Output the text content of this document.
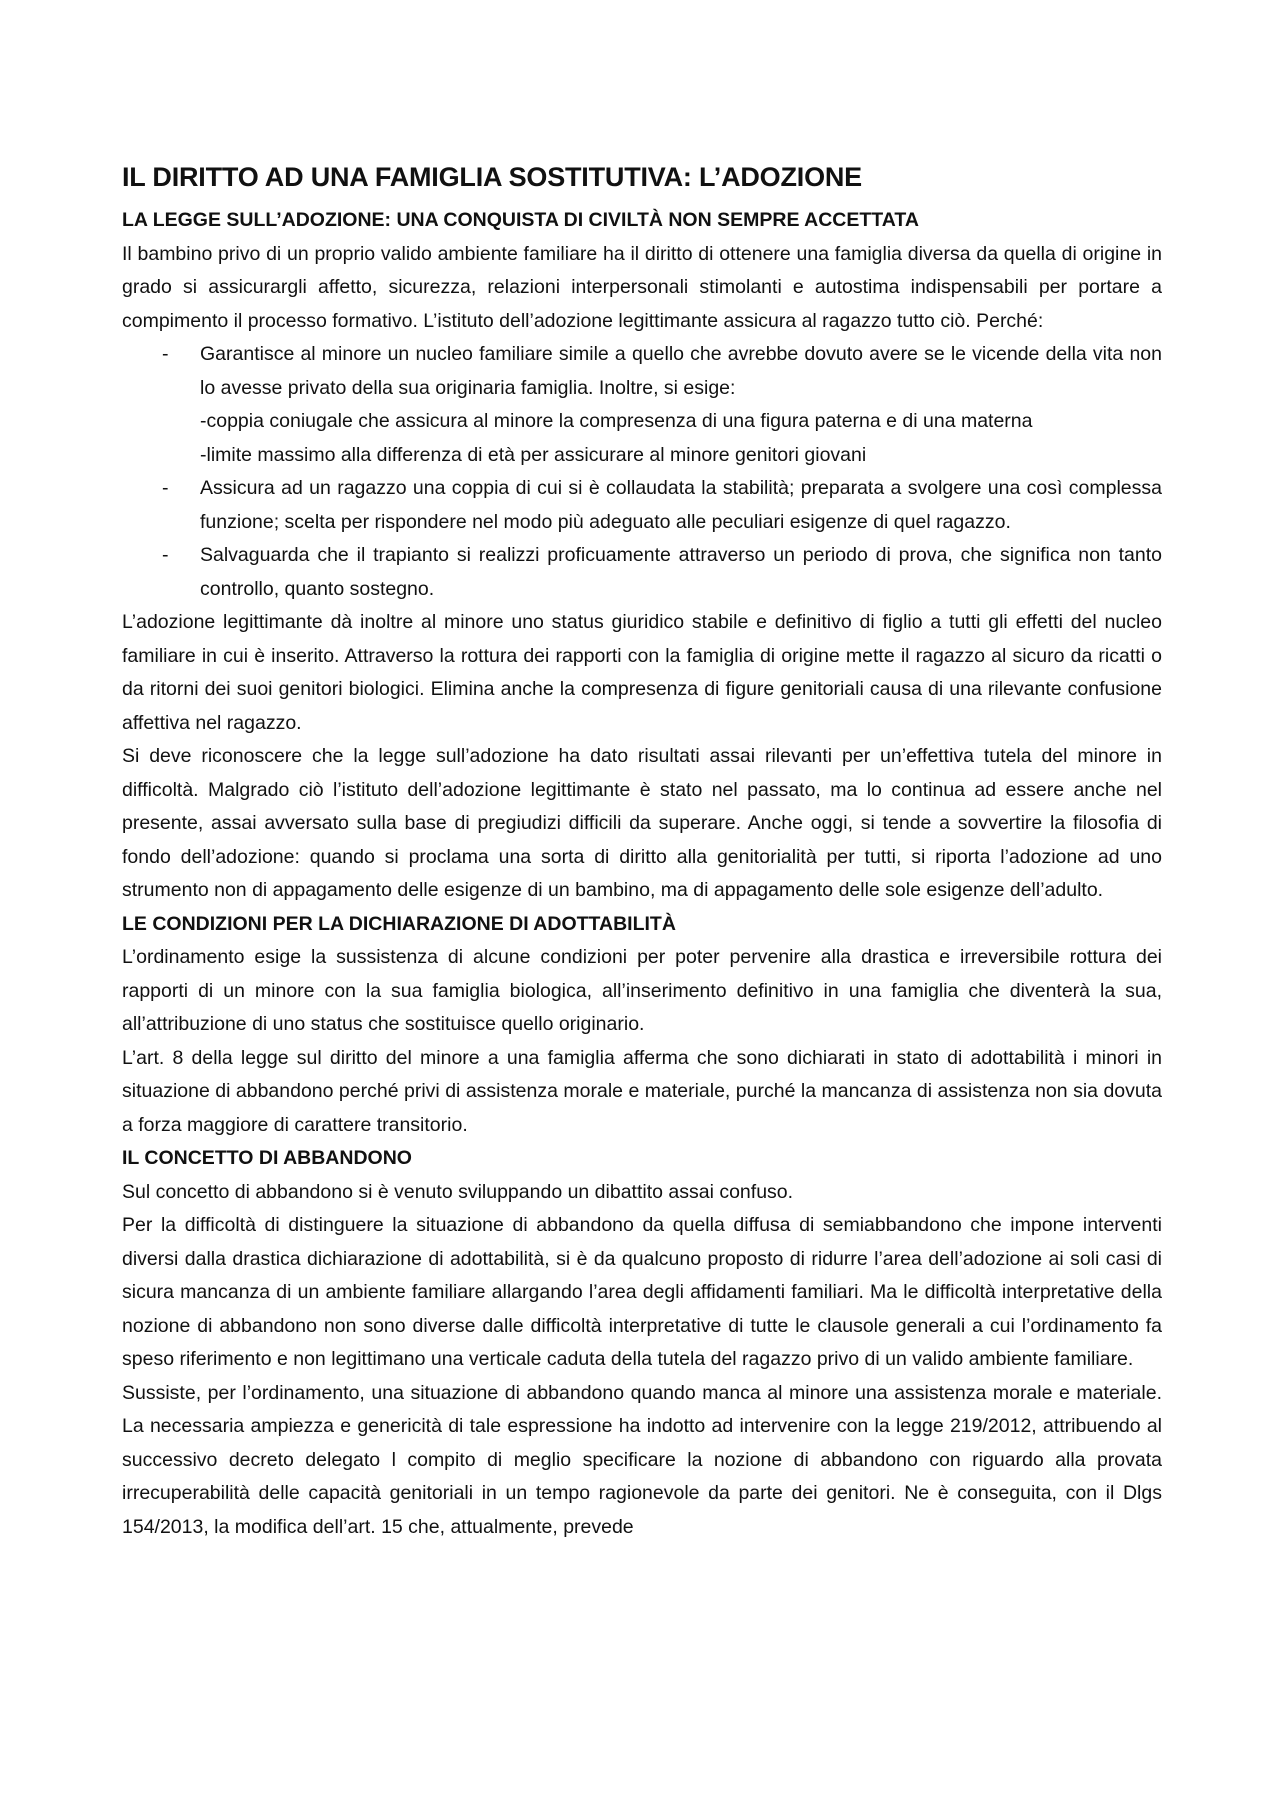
IL DIRITTO AD UNA FAMIGLIA SOSTITUTIVA: L’ADOZIONE
LA LEGGE SULL’ADOZIONE: UNA CONQUISTA DI CIVILTÀ NON SEMPRE ACCETTATA

Il bambino privo di un proprio valido ambiente familiare ha il diritto di ottenere una famiglia diversa da quella di origine in grado si assicurargli affetto, sicurezza, relazioni interpersonali stimolanti e autostima indispensabili per portare a compimento il processo formativo. L’istituto dell’adozione legittimante assicura al ragazzo tutto ciò. Perché:

- Garantisce al minore un nucleo familiare simile a quello che avrebbe dovuto avere se le vicende della vita non lo avesse privato della sua originaria famiglia. Inoltre, si esige:
-coppia coniugale che assicura al minore la compresenza di una figura paterna e di una materna
-limite massimo alla differenza di età per assicurare al minore genitori giovani
- Assicura ad un ragazzo una coppia di cui si è collaudata la stabilità; preparata a svolgere una così complessa funzione; scelta per rispondere nel modo più adeguato alle peculiari esigenze di quel ragazzo.
- Salvaguarda che il trapianto si realizzi proficuamente attraverso un periodo di prova, che significa non tanto controllo, quanto sostegno.

L’adozione legittimante dà inoltre al minore uno status giuridico stabile e definitivo di figlio a tutti gli effetti del nucleo familiare in cui è inserito. Attraverso la rottura dei rapporti con la famiglia di origine mette il ragazzo al sicuro da ricatti o da ritorni dei suoi genitori biologici. Elimina anche la compresenza di figure genitoriali causa di una rilevante confusione affettiva nel ragazzo.

Si deve riconoscere che la legge sull’adozione ha dato risultati assai rilevanti per un’effettiva tutela del minore in difficoltà. Malgrado ciò l’istituto dell’adozione legittimante è stato nel passato, ma lo continua ad essere anche nel presente, assai avversato sulla base di pregiudizi difficili da superare. Anche oggi, si tende a sovvertire la filosofia di fondo dell’adozione: quando si proclama una sorta di diritto alla genitorialità per tutti, si riporta l’adozione ad uno strumento non di appagamento delle esigenze di un bambino, ma di appagamento delle sole esigenze dell’adulto.

LE CONDIZIONI PER LA DICHIARAZIONE DI ADOTTABILITÀ

L’ordinamento esige la sussistenza di alcune condizioni per poter pervenire alla drastica e irreversibile rottura dei rapporti di un minore con la sua famiglia biologica, all’inserimento definitivo in una famiglia che diventerà la sua, all’attribuzione di uno status che sostituisce quello originario.

L’art. 8 della legge sul diritto del minore a una famiglia afferma che sono dichiarati in stato di adottabilità i minori in situazione di abbandono perché privi di assistenza morale e materiale, purché la mancanza di assistenza non sia dovuta a forza maggiore di carattere transitorio.

IL CONCETTO DI ABBANDONO

Sul concetto di abbandono si è venuto sviluppando un dibattito assai confuso.

Per la difficoltà di distinguere la situazione di abbandono da quella diffusa di semiabbandono che impone interventi diversi dalla drastica dichiarazione di adottabilità, si è da qualcuno proposto di ridurre l’area dell’adozione ai soli casi di sicura mancanza di un ambiente familiare allargando l’area degli affidamenti familiari. Ma le difficoltà interpretative della nozione di abbandono non sono diverse dalle difficoltà interpretative di tutte le clausole generali a cui l’ordinamento fa speso riferimento e non legittimano una verticale caduta della tutela del ragazzo privo di un valido ambiente familiare.

Sussiste, per l’ordinamento, una situazione di abbandono quando manca al minore una assistenza morale e materiale. La necessaria ampiezza e genericità di tale espressione ha indotto ad intervenire con la legge 219/2012, attribuendo al successivo decreto delegato l compito di meglio specificare la nozione di abbandono con riguardo alla provata irrecuperabilità delle capacità genitoriali in un tempo ragionevole da parte dei genitori. Ne è conseguita, con il Dlgs 154/2013, la modifica dell’art. 15 che, attualmente, prevede
